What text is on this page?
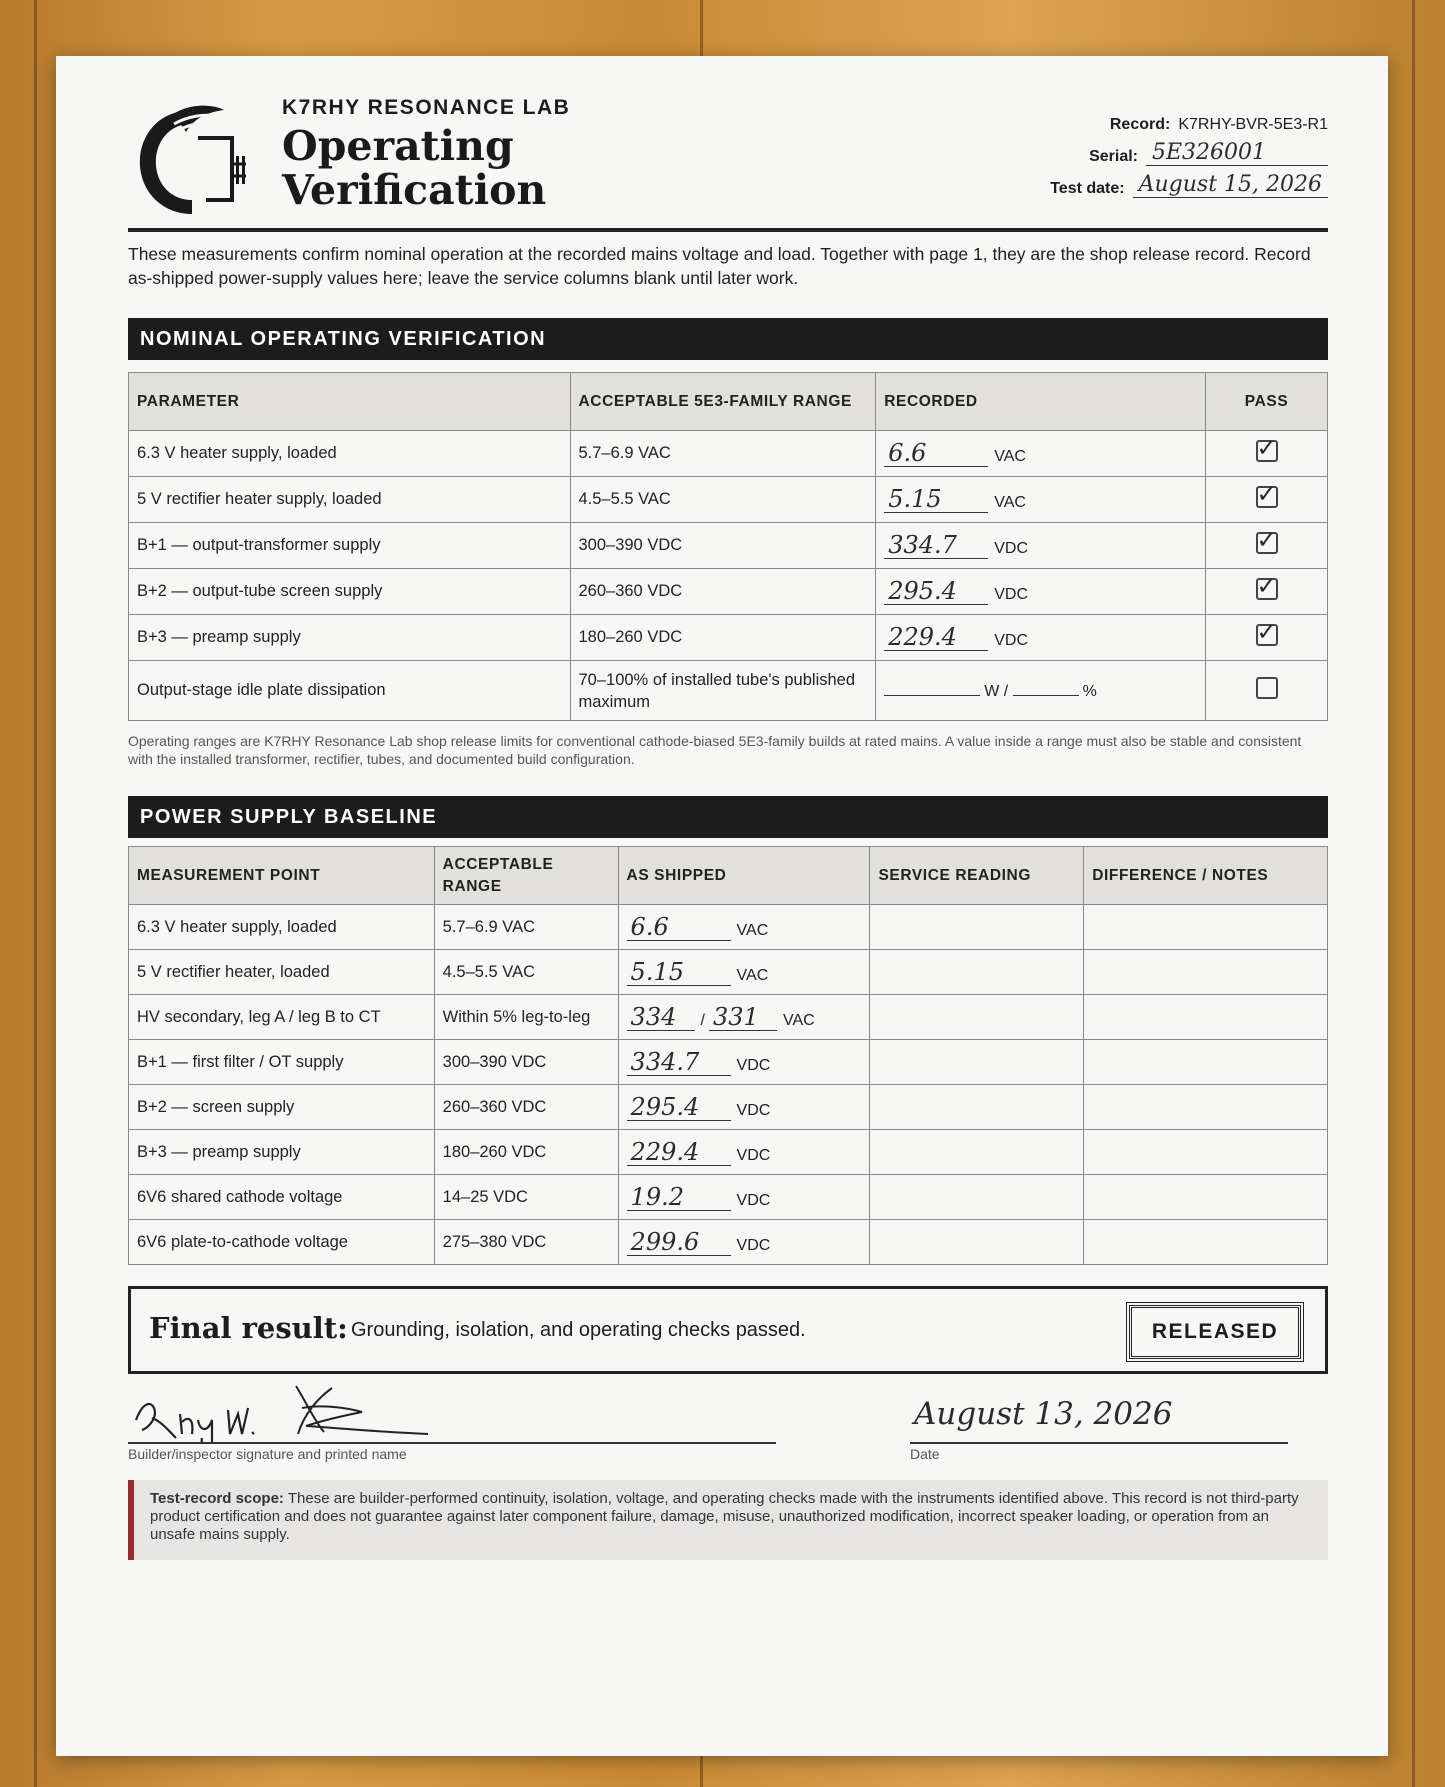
K7RHY RESONANCE LAB
Operating
Verification
Record: K7RHY-BVR-5E3-R1
Serial: 5E326001
Test date: August 15, 2026
These measurements confirm nominal operation at the recorded mains voltage and load. Together with page 1, they are the shop release record. Record as-shipped power-supply values here; leave the service columns blank until later work.
NOMINAL OPERATING VERIFICATION
PARAMETER	ACCEPTABLE 5E3-FAMILY RANGE	RECORDED	PASS
6.3 V heater supply, loaded	5.7–6.9 VAC	6.6 VAC	✓

5 V rectifier heater supply, loaded	4.5–5.5 VAC	5.15 VAC	✓

B+1 — output-transformer supply	300–390 VDC	334.7 VDC	✓

B+2 — output-tube screen supply	260–360 VDC	295.4 VDC	✓

B+3 — preamp supply	180–260 VDC	229.4 VDC	✓

Output-stage idle plate dissipation	70–100% of installed tube's published maximum	W / %	
Operating ranges are K7RHY Resonance Lab shop release limits for conventional cathode-biased 5E3-family builds at rated mains. A value inside a range must also be stable and consistent with the installed transformer, rectifier, tubes, and documented build configuration.
POWER SUPPLY BASELINE
MEASUREMENT POINT	ACCEPTABLE RANGE	AS SHIPPED	SERVICE READING	DIFFERENCE / NOTES
6.3 V heater supply, loaded	5.7–6.9 VAC	6.6 VAC		
5 V rectifier heater, loaded	4.5–5.5 VAC	5.15 VAC		
HV secondary, leg A / leg B to CT	Within 5% leg-to-leg	334 / 331 VAC		
B+1 — first filter / OT supply	300–390 VDC	334.7 VDC		
B+2 — screen supply	260–360 VDC	295.4 VDC		
B+3 — preamp supply	180–260 VDC	229.4 VDC		
6V6 shared cathode voltage	14–25 VDC	19.2 VDC		
6V6 plate-to-cathode voltage	275–380 VDC	299.6 VDC		
Final result: Grounding, isolation, and operating checks passed.	RELEASED
Builder/inspector signature and printed name
August 13, 2026
Date
Test-record scope: These are builder-performed continuity, isolation, voltage, and operating checks made with the instruments identified above. This record is not third-party product certification and does not guarantee against later component failure, damage, misuse, unauthorized modification, incorrect speaker loading, or operation from an unsafe mains supply.
